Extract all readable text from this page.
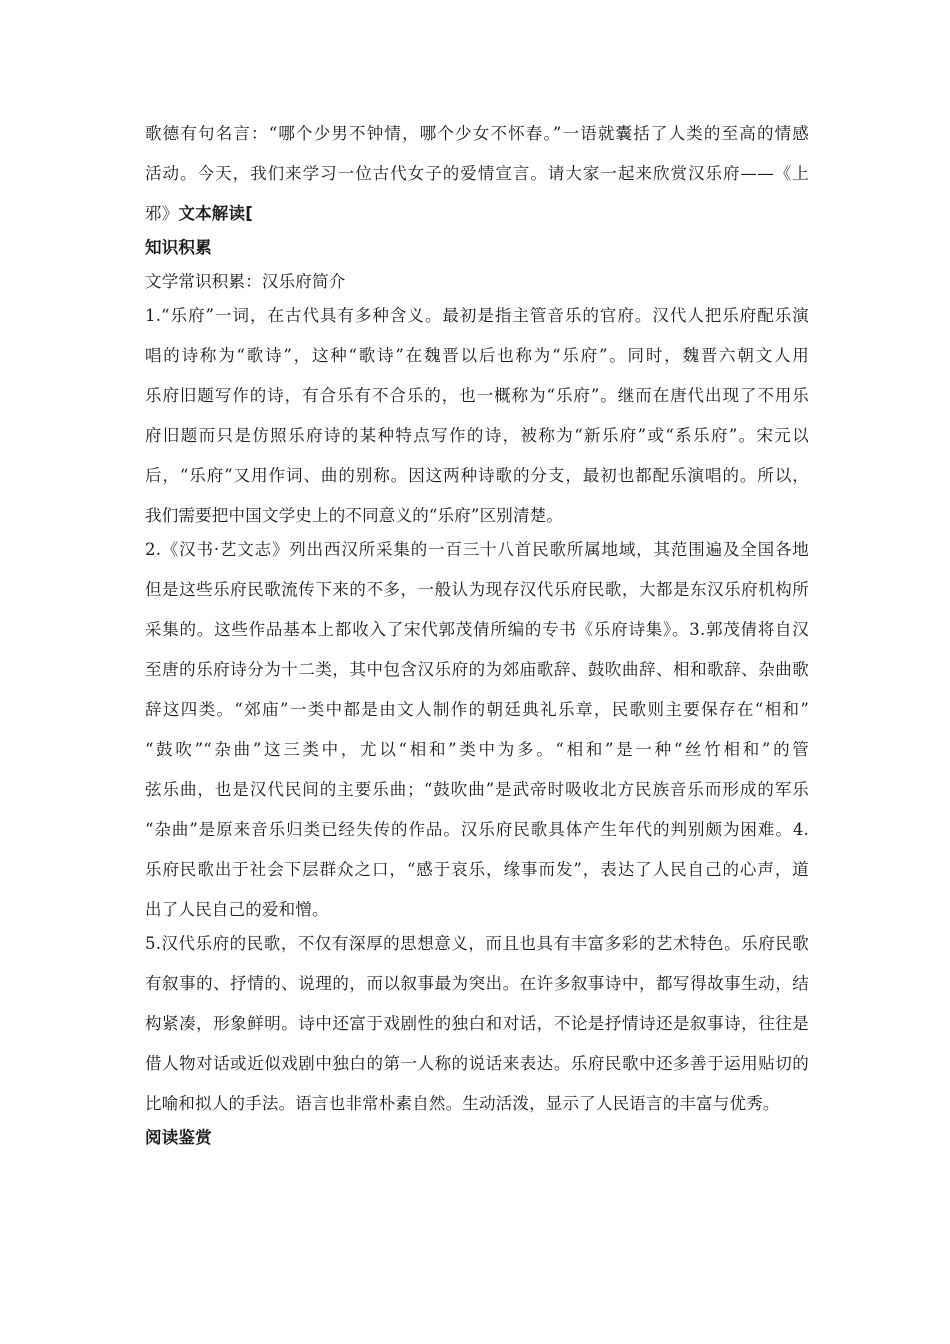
歌德有句名言：“哪个少男不钟情，哪个少女不怀春。”一语就囊括了人类的至高的情感
活动。今天，我们来学习一位古代女子的爱情宣言。请大家一起来欣赏汉乐府——《上
邪》文本解读[
知识积累
文学常识积累：汉乐府简介
1.“乐府”一词，在古代具有多种含义。最初是指主管音乐的官府。汉代人把乐府配乐演
唱的诗称为“歌诗”，这种“歌诗”在魏晋以后也称为“乐府”。同时，魏晋六朝文人用
乐府旧题写作的诗，有合乐有不合乐的，也一概称为“乐府”。继而在唐代出现了不用乐
府旧题而只是仿照乐府诗的某种特点写作的诗，被称为“新乐府”或“系乐府”。宋元以
后，“乐府”又用作词、曲的别称。因这两种诗歌的分支，最初也都配乐演唱的。所以，
我们需要把中国文学史上的不同意义的“乐府”区别清楚。
2.《汉书·艺文志》列出西汉所采集的一百三十八首民歌所属地域，其范围遍及全国各地
但是这些乐府民歌流传下来的不多，一般认为现存汉代乐府民歌，大都是东汉乐府机构所
采集的。这些作品基本上都收入了宋代郭茂倩所编的专书《乐府诗集》。3.郭茂倩将自汉
至唐的乐府诗分为十二类，其中包含汉乐府的为郊庙歌辞、鼓吹曲辞、相和歌辞、杂曲歌
辞这四类。“郊庙”一类中都是由文人制作的朝廷典礼乐章，民歌则主要保存在“相和”
“鼓吹”“杂曲”这三类中，尤以“相和”类中为多。“相和”是一种“丝竹相和”的管
弦乐曲，也是汉代民间的主要乐曲；“鼓吹曲”是武帝时吸收北方民族音乐而形成的军乐
“杂曲”是原来音乐归类已经失传的作品。汉乐府民歌具体产生年代的判别颇为困难。4.
乐府民歌出于社会下层群众之口，“感于哀乐，缘事而发”，表达了人民自己的心声，道
出了人民自己的爱和憎。
5.汉代乐府的民歌，不仅有深厚的思想意义，而且也具有丰富多彩的艺术特色。乐府民歌
有叙事的、抒情的、说理的，而以叙事最为突出。在许多叙事诗中，都写得故事生动，结
构紧凑，形象鲜明。诗中还富于戏剧性的独白和对话，不论是抒情诗还是叙事诗，往往是
借人物对话或近似戏剧中独白的第一人称的说话来表达。乐府民歌中还多善于运用贴切的
比喻和拟人的手法。语言也非常朴素自然。生动活泼，显示了人民语言的丰富与优秀。
阅读鉴赏
